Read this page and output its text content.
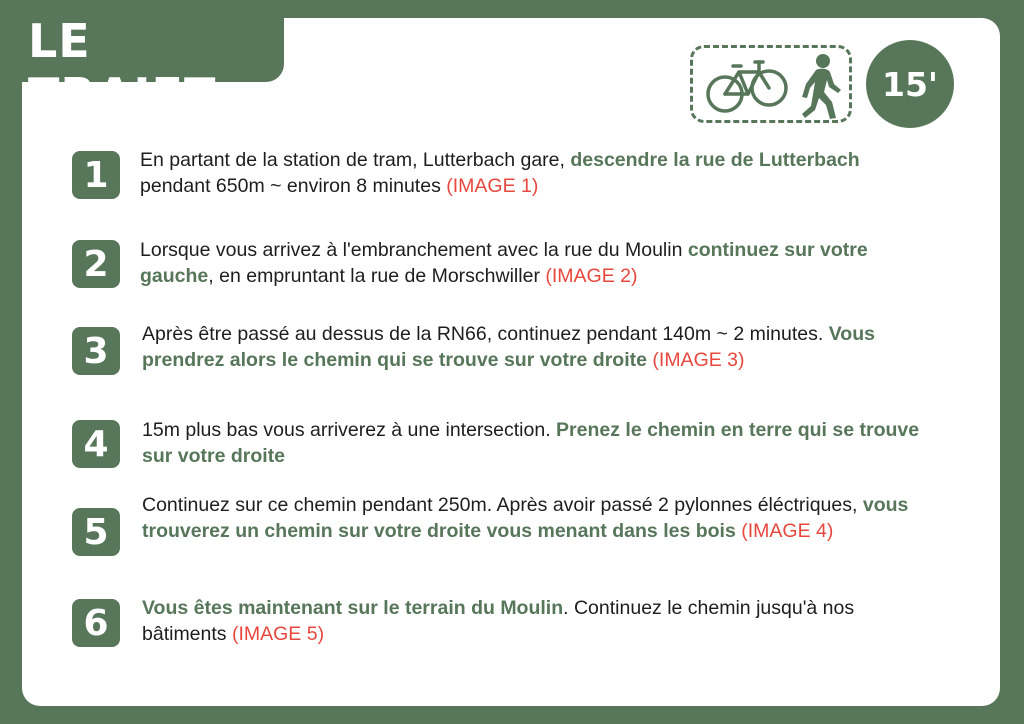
LE TRAJET	15'
1	En partant de la station de tram, Lutterbach gare, descendre la rue de Lutterbach pendant 650m ~ environ 8 minutes (IMAGE 1)
2	Lorsque vous arrivez à l'embranchement avec la rue du Moulin continuez sur votre gauche, en empruntant la rue de Morschwiller (IMAGE 2)
3	Après être passé au dessus de la RN66, continuez pendant 140m ~ 2 minutes. Vous prendrez alors le chemin qui se trouve sur votre droite (IMAGE 3)
4	15m plus bas vous arriverez à une intersection. Prenez le chemin en terre qui se trouve sur votre droite
5
Continuez sur ce chemin pendant 250m. Après avoir passé 2 pylonnes éléctriques, vous trouverez un chemin sur votre droite vous menant dans les bois (IMAGE 4)
6	Vous êtes maintenant sur le terrain du Moulin. Continuez le chemin jusqu'à nos bâtiments (IMAGE 5)
